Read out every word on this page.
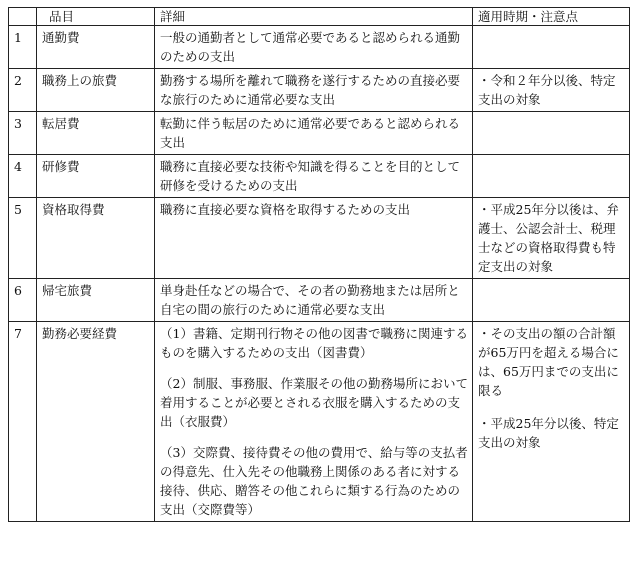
	品目	詳細	適用時期・注意点
1	通勤費	一般の通勤者として通常必要であると認められる通勤のための支出	

2	職務上の旅費	勤務する場所を離れて職務を遂行するための直接必要な旅行のために通常必要な支出	・令和２年分以後、特定支出の対象

3	転居費	転勤に伴う転居のために通常必要であると認められる支出	

4	研修費	職務に直接必要な技術や知識を得ることを目的として研修を受けるための支出	

5	資格取得費	職務に直接必要な資格を取得するための支出	・平成25年分以後は、弁護士、公認会計士、税理士などの資格取得費も特定支出の対象

6	帰宅旅費	単身赴任などの場合で、その者の勤務地または居所と自宅の間の旅行のために通常必要な支出	

7	勤務必要経費	（1）書籍、定期刊行物その他の図書で職務に関連するものを購入するための支出（図書費）
（2）制服、事務服、作業服その他の勤務場所において着用することが必要とされる衣服を購入するための支出（衣服費）
（3）交際費、接待費その他の費用で、給与等の支払者の得意先、仕入先その他職務上関係のある者に対する接待、供応、贈答その他これらに類する行為のための支出（交際費等）	・その支出の額の合計額が65万円を超える場合には、65万円までの支出に限る
・平成25年分以後、特定支出の対象
